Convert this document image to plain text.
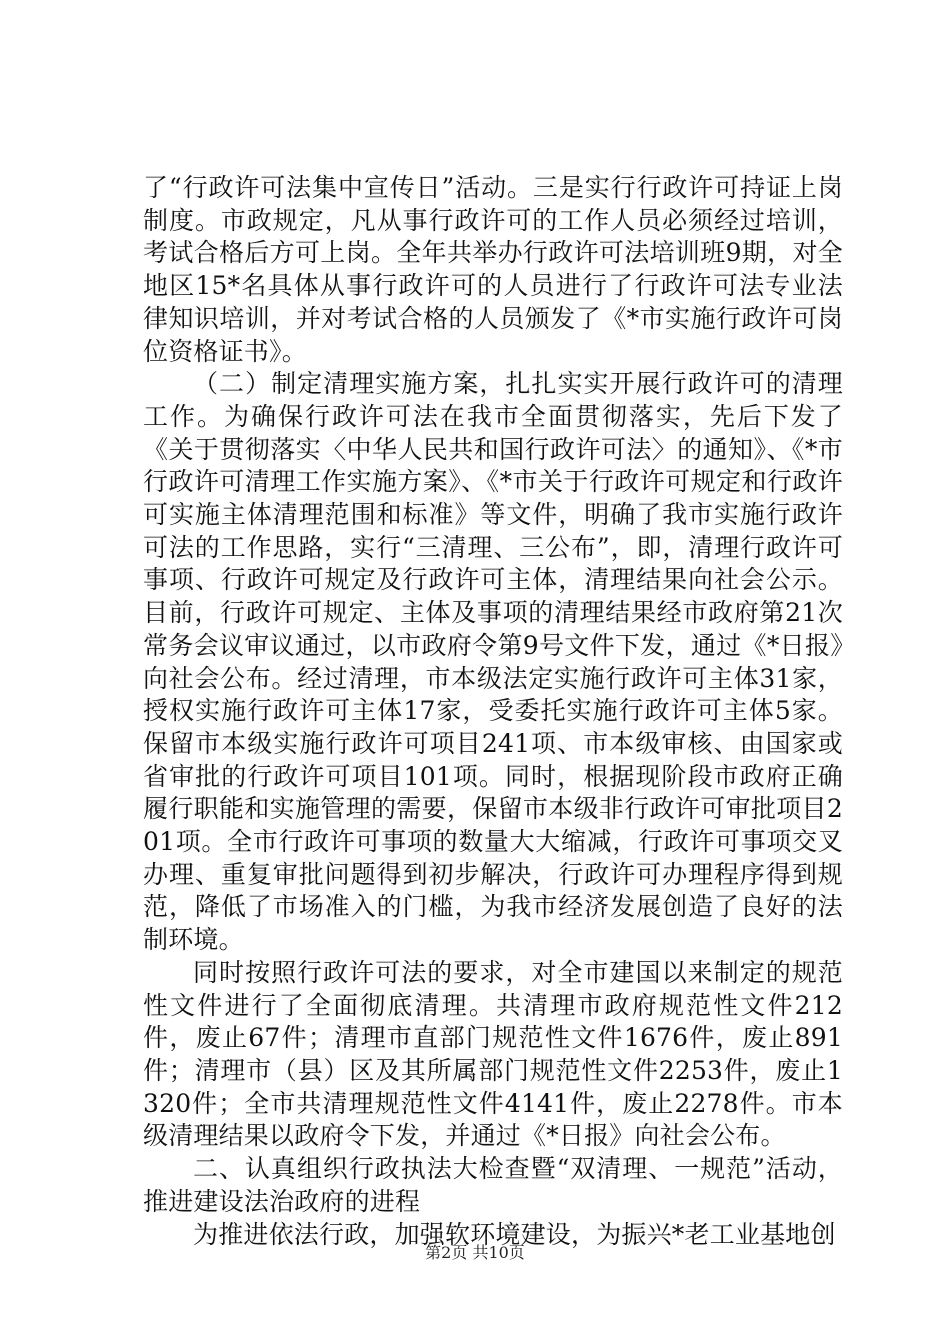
了“行政许可法集中宣传日”活动。三是实行行政许可持证上岗制度。市政规定，凡从事行政许可的工作人员必须经过培训，考试合格后方可上岗。全年共举办行政许可法培训班9期，对全地区15*名具体从事行政许可的人员进行了行政许可法专业法律知识培训，并对考试合格的人员颁发了《*市实施行政许可岗位资格证书》。

（二）制定清理实施方案，扎扎实实开展行政许可的清理工作。为确保行政许可法在我市全面贯彻落实，先后下发了《关于贯彻落实〈中华人民共和国行政许可法〉的通知》、《*市行政许可清理工作实施方案》、《*市关于行政许可规定和行政许可实施主体清理范围和标准》等文件，明确了我市实施行政许可法的工作思路，实行“三清理、三公布”，即，清理行政许可事项、行政许可规定及行政许可主体，清理结果向社会公示。目前，行政许可规定、主体及事项的清理结果经市政府第21次常务会议审议通过，以市政府令第9号文件下发，通过《*日报》向社会公布。经过清理，市本级法定实施行政许可主体31家，授权实施行政许可主体17家，受委托实施行政许可主体5家。保留市本级实施行政许可项目241项、市本级审核、由国家或省审批的行政许可项目101项。同时，根据现阶段市政府正确履行职能和实施管理的需要，保留市本级非行政许可审批项目201项。全市行政许可事项的数量大大缩减，行政许可事项交叉办理、重复审批问题得到初步解决，行政许可办理程序得到规范，降低了市场准入的门槛，为我市经济发展创造了良好的法制环境。

同时按照行政许可法的要求，对全市建国以来制定的规范性文件进行了全面彻底清理。共清理市政府规范性文件212件，废止67件；清理市直部门规范性文件1676件，废止891件；清理市（县）区及其所属部门规范性文件2253件，废止1320件；全市共清理规范性文件4141件，废止2278件。市本级清理结果以政府令下发，并通过《*日报》向社会公布。

二、认真组织行政执法大检查暨“双清理、一规范”活动，推进建设法治政府的进程

为推进依法行政，加强软环境建设，为振兴*老工业基地创

第2页 共10页
